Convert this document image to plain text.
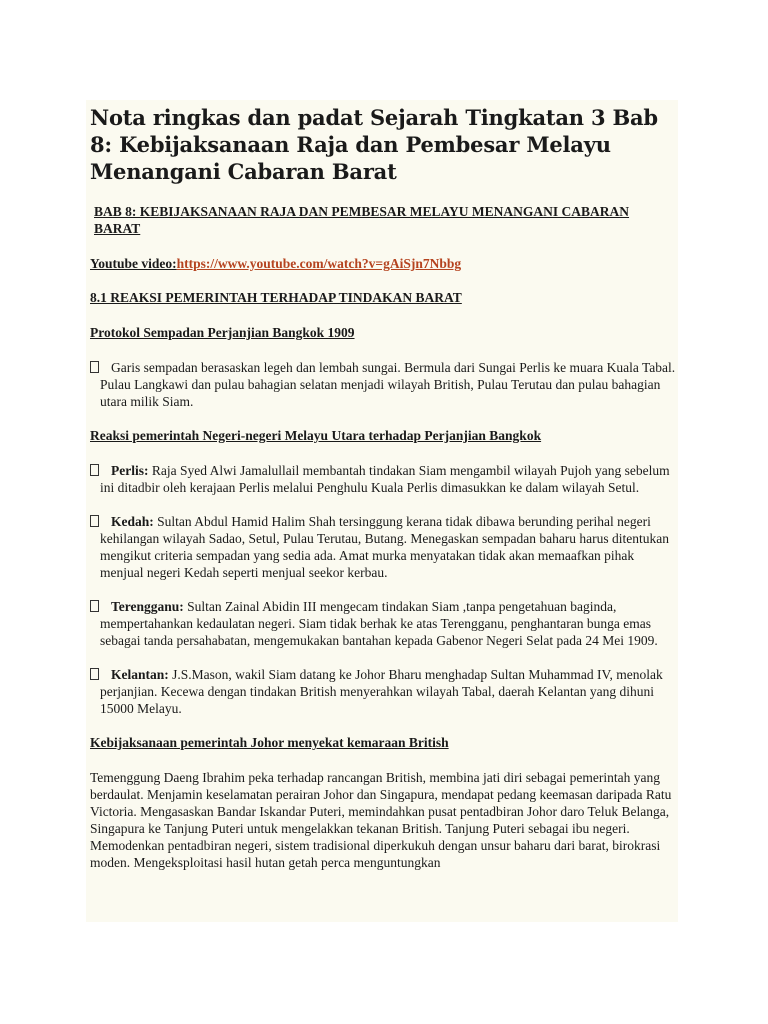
Nota ringkas dan padat Sejarah Tingkatan 3 Bab 8: Kebijaksanaan Raja dan Pembesar Melayu Menangani Cabaran Barat
BAB 8: KEBIJAKSANAAN RAJA DAN PEMBESAR MELAYU MENANGANI CABARAN BARAT
Youtube video:https://www.youtube.com/watch?v=gAiSjn7Nbbg
8.1 REAKSI PEMERINTAH TERHADAP TINDAKAN BARAT
Protokol Sempadan Perjanjian Bangkok 1909
Garis sempadan berasaskan legeh dan lembah sungai. Bermula dari Sungai Perlis ke muara Kuala Tabal. Pulau Langkawi dan pulau bahagian selatan menjadi wilayah British, Pulau Terutau dan pulau bahagian utara milik Siam.
Reaksi pemerintah Negeri-negeri Melayu Utara terhadap Perjanjian Bangkok
Perlis: Raja Syed Alwi Jamalullail membantah tindakan Siam mengambil wilayah Pujoh yang sebelum ini ditadbir oleh kerajaan Perlis melalui Penghulu Kuala Perlis dimasukkan ke dalam wilayah Setul.
Kedah: Sultan Abdul Hamid Halim Shah tersinggung kerana tidak dibawa berunding perihal negeri kehilangan wilayah Sadao, Setul, Pulau Terutau, Butang. Menegaskan sempadan baharu harus ditentukan mengikut criteria sempadan yang sedia ada. Amat murka menyatakan tidak akan memaafkan pihak menjual negeri Kedah seperti menjual seekor kerbau.
Terengganu: Sultan Zainal Abidin III mengecam tindakan Siam ,tanpa pengetahuan baginda, mempertahankan kedaulatan negeri. Siam tidak berhak ke atas Terengganu, penghantaran bunga emas sebagai tanda persahabatan, mengemukakan bantahan kepada Gabenor Negeri Selat pada 24 Mei 1909.
Kelantan: J.S.Mason, wakil Siam datang ke Johor Bharu menghadap Sultan Muhammad IV, menolak perjanjian. Kecewa dengan tindakan British menyerahkan wilayah Tabal, daerah Kelantan yang dihuni 15000 Melayu.
Kebijaksanaan pemerintah Johor menyekat kemaraan British

Temenggung Daeng Ibrahim peka terhadap rancangan British, membina jati diri sebagai pemerintah yang berdaulat. Menjamin keselamatan perairan Johor dan Singapura, mendapat pedang keemasan daripada Ratu Victoria. Mengasaskan Bandar Iskandar Puteri, memindahkan pusat pentadbiran Johor daro Teluk Belanga, Singapura ke Tanjung Puteri untuk mengelakkan tekanan British. Tanjung Puteri sebagai ibu negeri. Memodenkan pentadbiran negeri, sistem tradisional diperkukuh dengan unsur baharu dari barat, birokrasi moden. Mengeksploitasi hasil hutan getah perca menguntungkan
